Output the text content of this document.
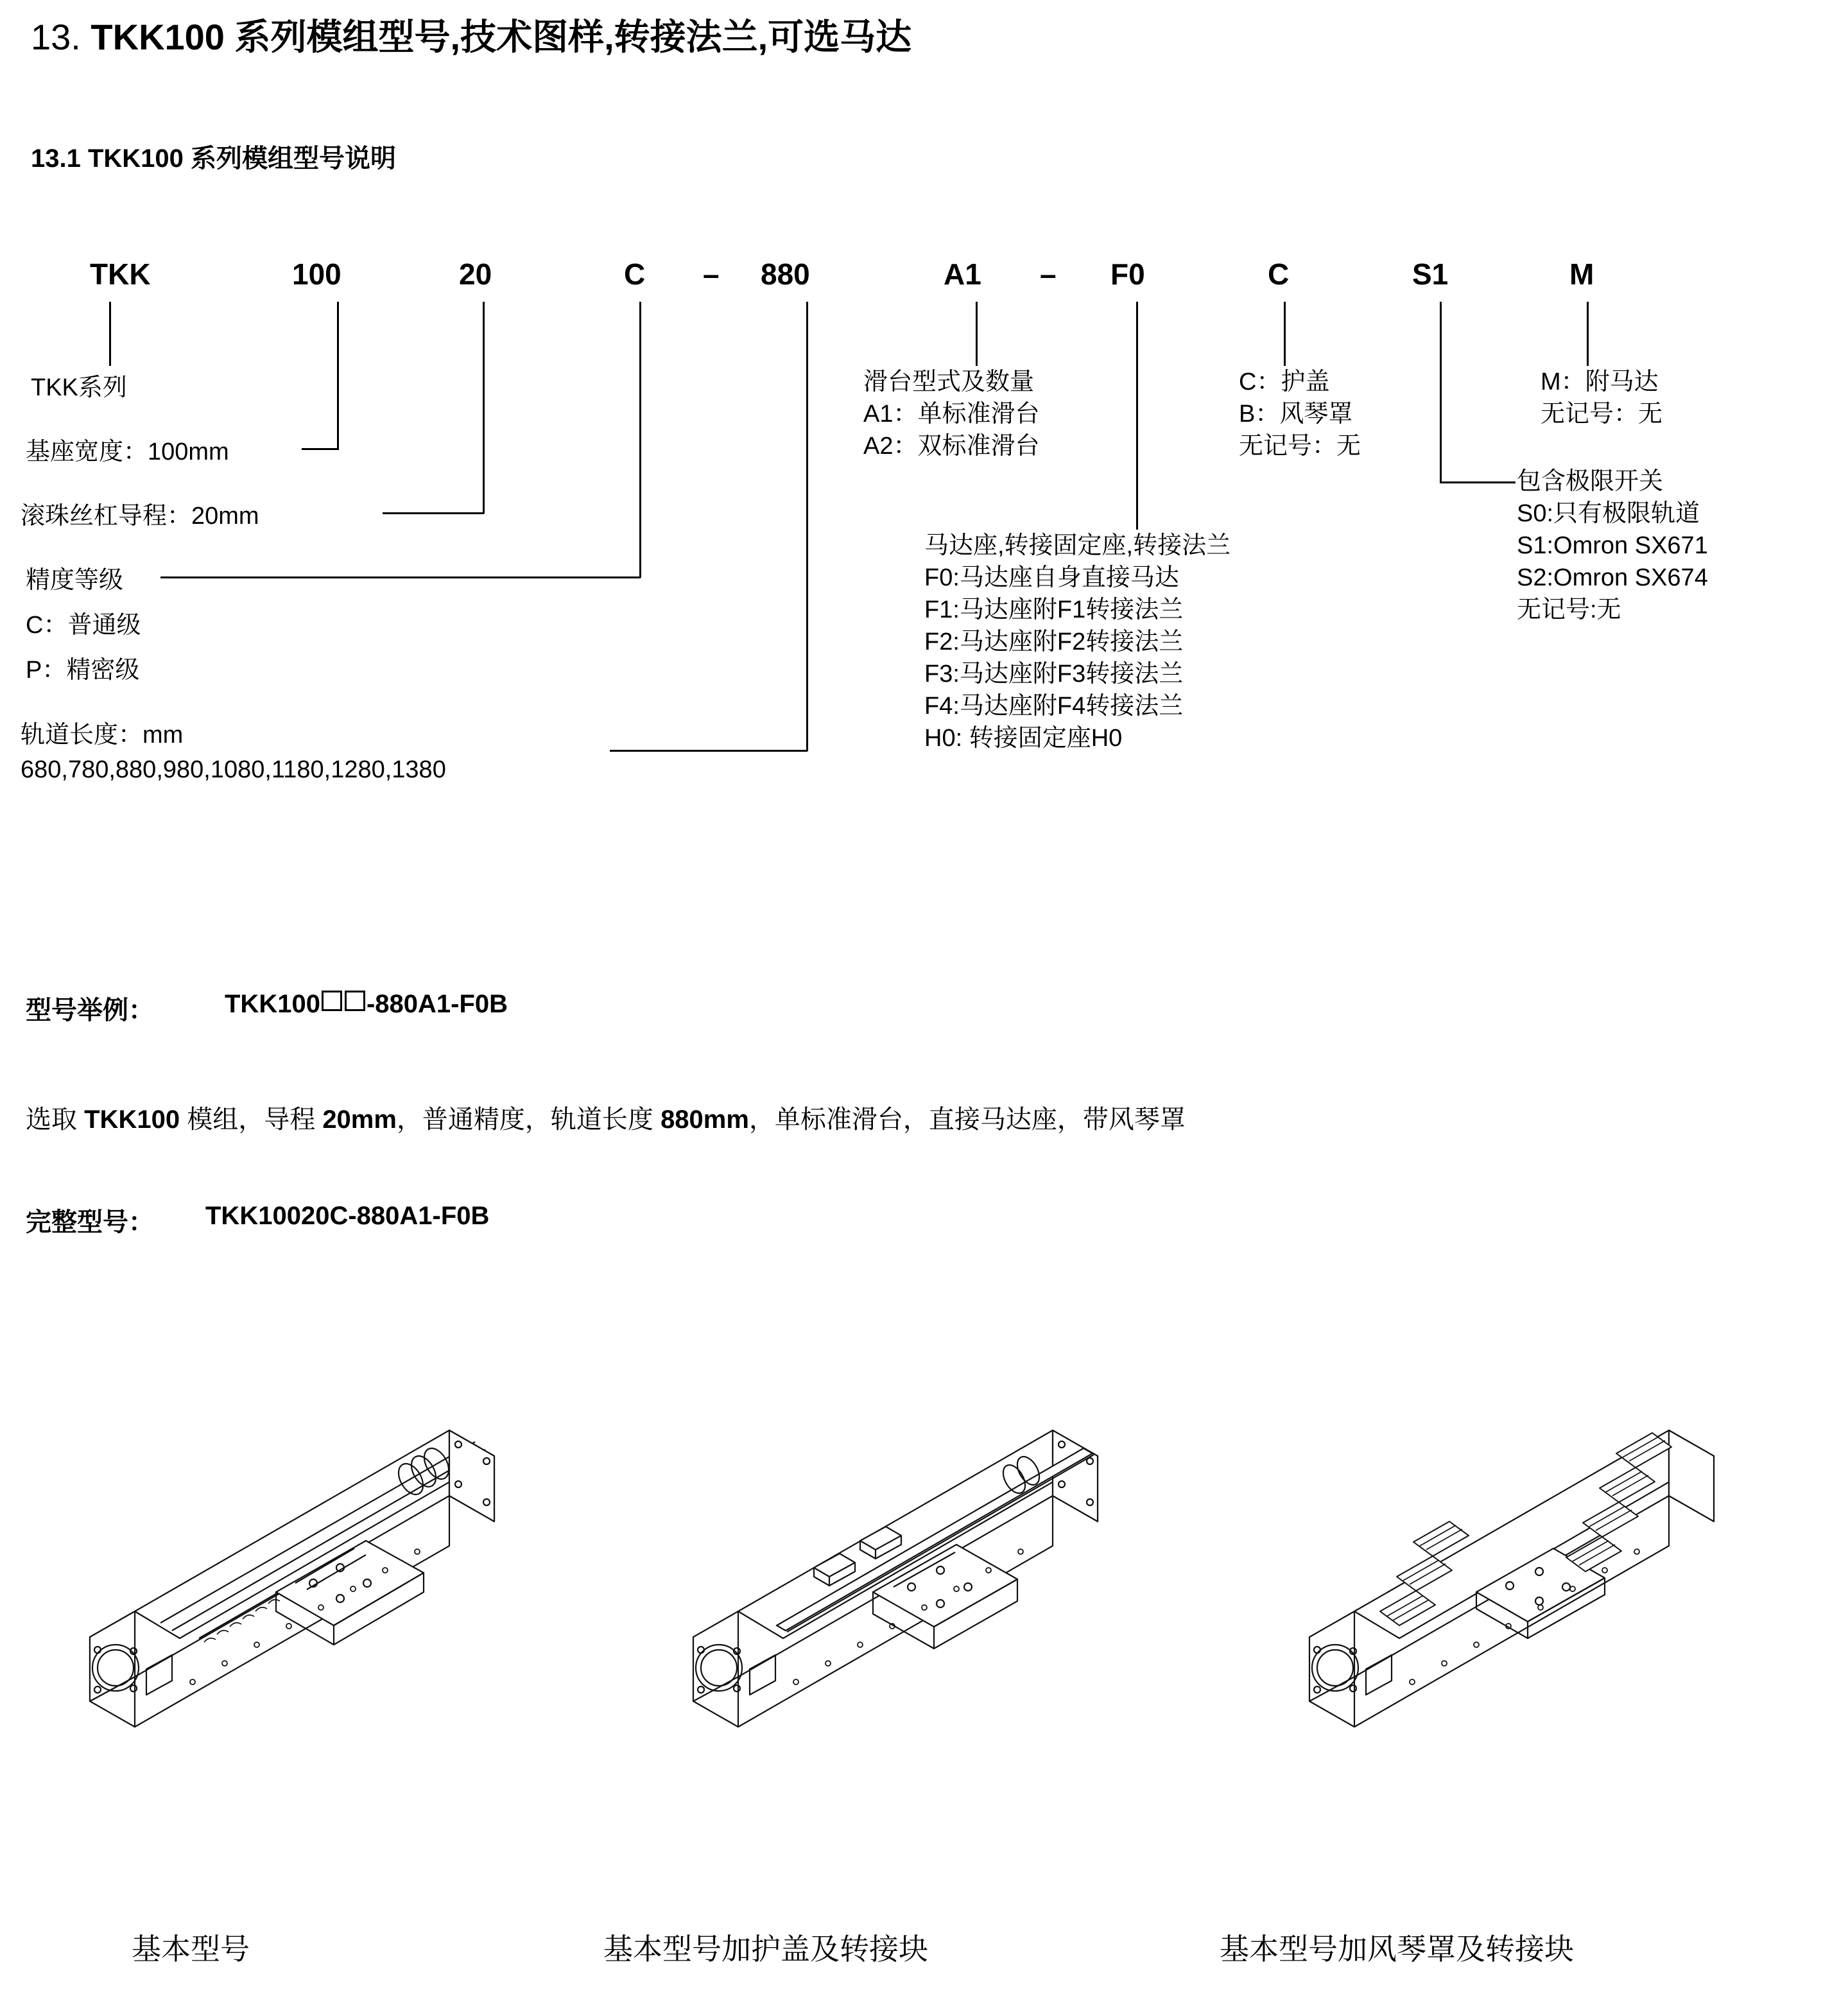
13. TKK100 系列模组型号,技术图样,转接法兰,可选马达
13.1 TKK100 系列模组型号说明
TKK	100	20	C – 880	A1 – F0	C	S1	M
TKK系列
基座宽度：100mm
滚珠丝杠导程：20mm
精度等级
C：普通级
P：精密级
轨道长度：mm
680,780,880,980,1080,1180,1280,1380
滑台型式及数量
A1：单标准滑台
A2：双标准滑台
马达座,转接固定座,转接法兰
F0:马达座自身直接马达
F1:马达座附F1转接法兰
F2:马达座附F2转接法兰
F3:马达座附F3转接法兰
F4:马达座附F4转接法兰
H0: 转接固定座H0
C：护盖
B：风琴罩
无记号：无
包含极限开关
S0:只有极限轨道
S1:Omron SX671
S2:Omron SX674
无记号:无
M：附马达
无记号：无
型号举例：	TKK100 -880A1-F0B
选取 TKK100 模组，导程 20mm，普通精度，轨道长度 880mm，单标准滑台，直接马达座，带风琴罩
完整型号： TKK10020C-880A1-F0B
基本型号	基本型号加护盖及转接块	基本型号加风琴罩及转接块
